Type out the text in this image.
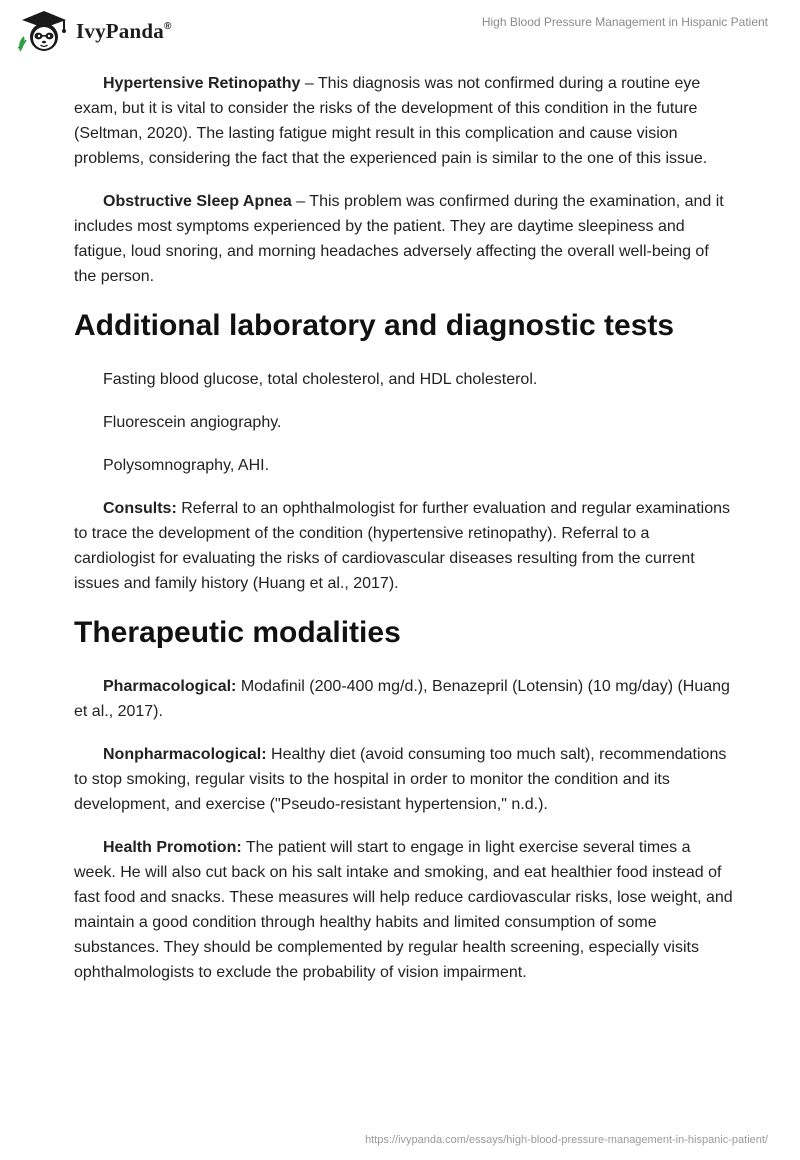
IvyPanda®	High Blood Pressure Management in Hispanic Patient

Hypertensive Retinopathy – This diagnosis was not confirmed during a routine eye exam, but it is vital to consider the risks of the development of this condition in the future (Seltman, 2020). The lasting fatigue might result in this complication and cause vision problems, considering the fact that the experienced pain is similar to the one of this issue.

Obstructive Sleep Apnea – This problem was confirmed during the examination, and it includes most symptoms experienced by the patient. They are daytime sleepiness and fatigue, loud snoring, and morning headaches adversely affecting the overall well-being of the person.

Additional laboratory and diagnostic tests

Fasting blood glucose, total cholesterol, and HDL cholesterol.

Fluorescein angiography.

Polysomnography, AHI.

Consults: Referral to an ophthalmologist for further evaluation and regular examinations to trace the development of the condition (hypertensive retinopathy). Referral to a cardiologist for evaluating the risks of cardiovascular diseases resulting from the current issues and family history (Huang et al., 2017).

Therapeutic modalities

Pharmacological: Modafinil (200-400 mg/d.), Benazepril (Lotensin) (10 mg/day) (Huang et al., 2017).

Nonpharmacological: Healthy diet (avoid consuming too much salt), recommendations to stop smoking, regular visits to the hospital in order to monitor the condition and its development, and exercise ("Pseudo-resistant hypertension," n.d.).

Health Promotion: The patient will start to engage in light exercise several times a week. He will also cut back on his salt intake and smoking, and eat healthier food instead of fast food and snacks. These measures will help reduce cardiovascular risks, lose weight, and maintain a good condition through healthy habits and limited consumption of some substances. They should be complemented by regular health screening, especially visits ophthalmologists to exclude the probability of vision impairment.

https://ivypanda.com/essays/high-blood-pressure-management-in-hispanic-patient/
